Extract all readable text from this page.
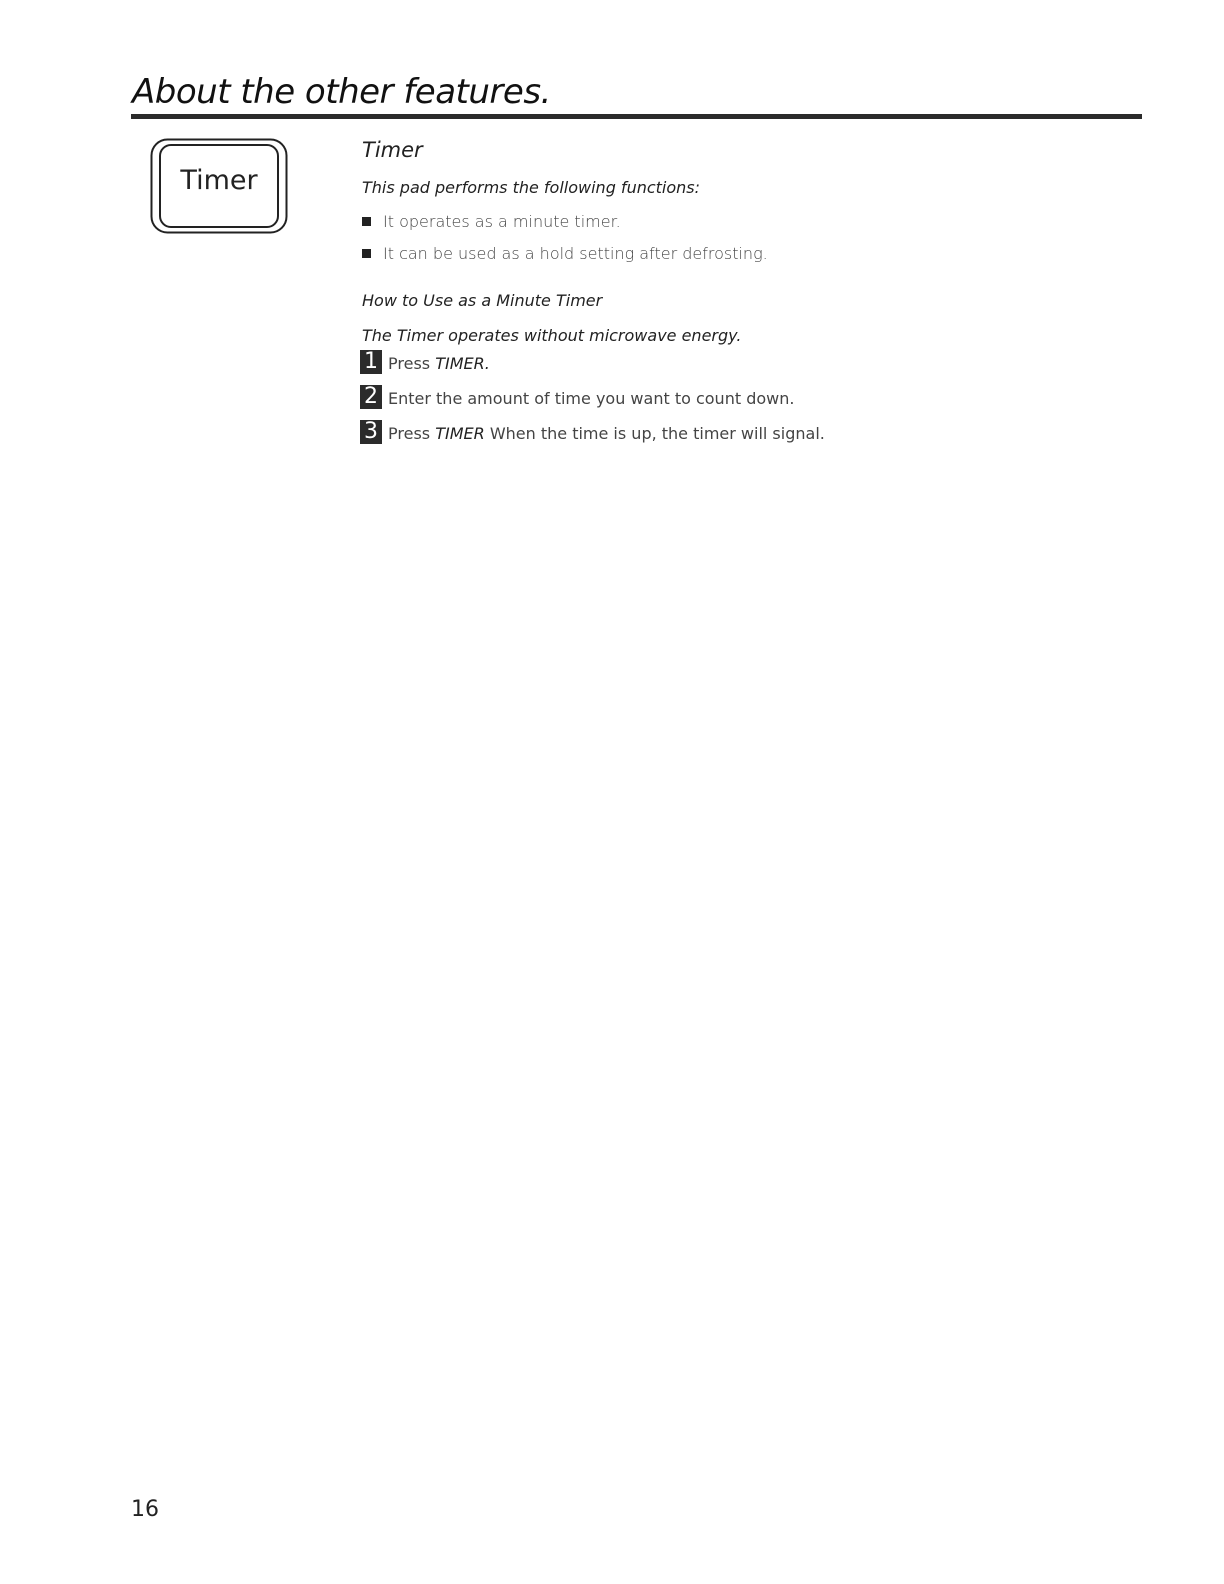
About the other features.
Timer
Timer
This pad performs the following functions:
It operates as a minute timer.
It can be used as a hold setting after defrosting.
How to Use as a Minute Timer
The Timer operates without microwave energy.
1 Press TIMER.
2 Enter the amount of time you want to count down.
3 Press TIMER When the time is up, the timer will signal.
16
